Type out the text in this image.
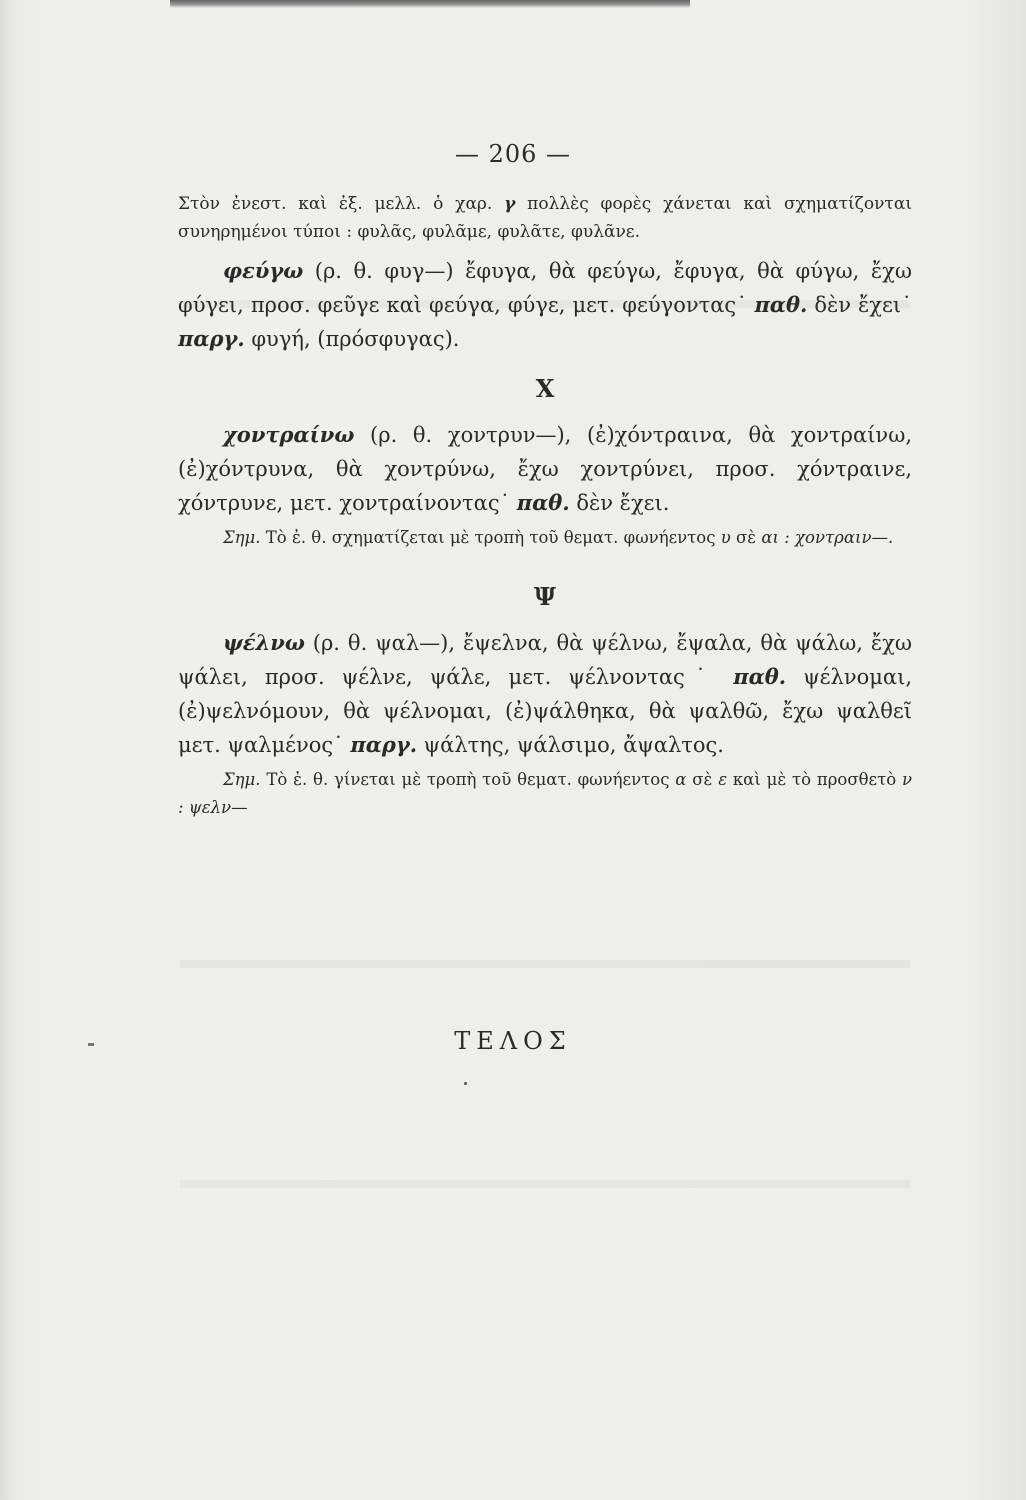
— 206 —

Στὸν ἐνεστ. καὶ ἐξ. μελλ. ὁ χαρ. γ πολλὲς φορὲς χάνεται καὶ σχηματίζονται συνηρημένοι τύποι : φυλᾶς, φυλᾶμε, φυλᾶτε, φυλᾶνε.

φεύγω (ρ. θ. φυγ—) ἔφυγα, θὰ φεύγω, ἔφυγα, θὰ φύγω, ἔχω φύγει, προσ. φεῦγε καὶ φεύγα, φύγε, μετ. φεύγοντας˙ παθ. δὲν ἔχει˙ παργ. φυγή, (πρόσφυγας).

Χ

χοντραίνω (ρ. θ. χοντρυν—), (ἐ)χόντραινα, θὰ χοντραίνω, (ἐ)χόντρυνα, θὰ χοντρύνω, ἔχω χοντρύνει, προσ. χόντραινε, χόντρυνε, μετ. χοντραίνοντας˙ παθ. δὲν ἔχει.

Σημ. Τὸ ἐ. θ. σχηματίζεται μὲ τροπὴ τοῦ θεματ. φωνήεντος υ σὲ αι : χοντραιν—.

Ψ

ψέλνω (ρ. θ. ψαλ—), ἔψελνα, θὰ ψέλνω, ἔψαλα, θὰ ψάλω, ἔχω ψάλει, προσ. ψέλνε, ψάλε, μετ. ψέλνοντας˙ παθ. ψέλνομαι, (ἐ)ψελνόμουν, θὰ ψέλνομαι, (ἐ)ψάλθηκα, θὰ ψαλθῶ, ἔχω ψαλθεῖ μετ. ψαλμένος˙ παργ. ψάλτης, ψάλσιμο, ἄψαλτος.

Σημ. Τὸ ἐ. θ. γίνεται μὲ τροπὴ τοῦ θεματ. φωνήεντος α σὲ ε καὶ μὲ τὸ προσθετὸ ν : ψελν—

ΤΕΛΟΣ
